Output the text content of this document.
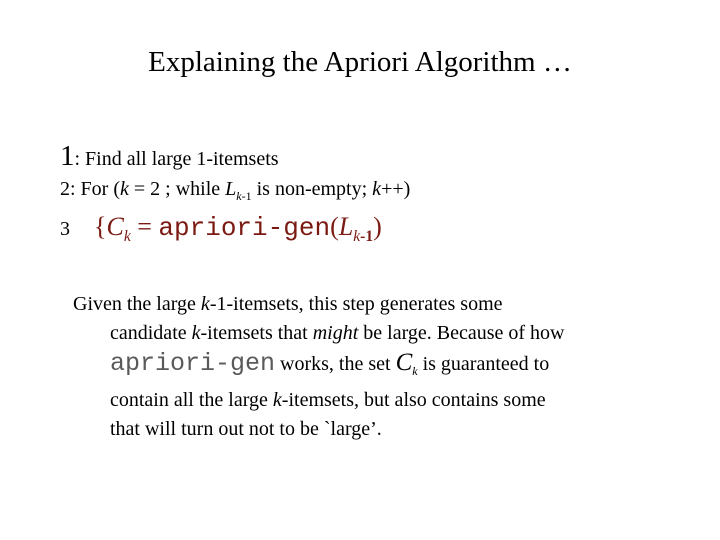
Explaining the Apriori Algorithm …
1: Find all large 1-itemsets
2: For (k = 2 ; while $L_{k-1}$ is non-empty; k++)
3 {$C_k$ = apriori-$gen(L_{k-1})$
Given the large k-1-itemsets, this step generates some
candidate k-itemsets that might be large. Because of how
apriori-gen works, the set $C_k$ is guaranteed to
contain all the large k-itemsets, but also contains some
that will turn out not to be `large’.
